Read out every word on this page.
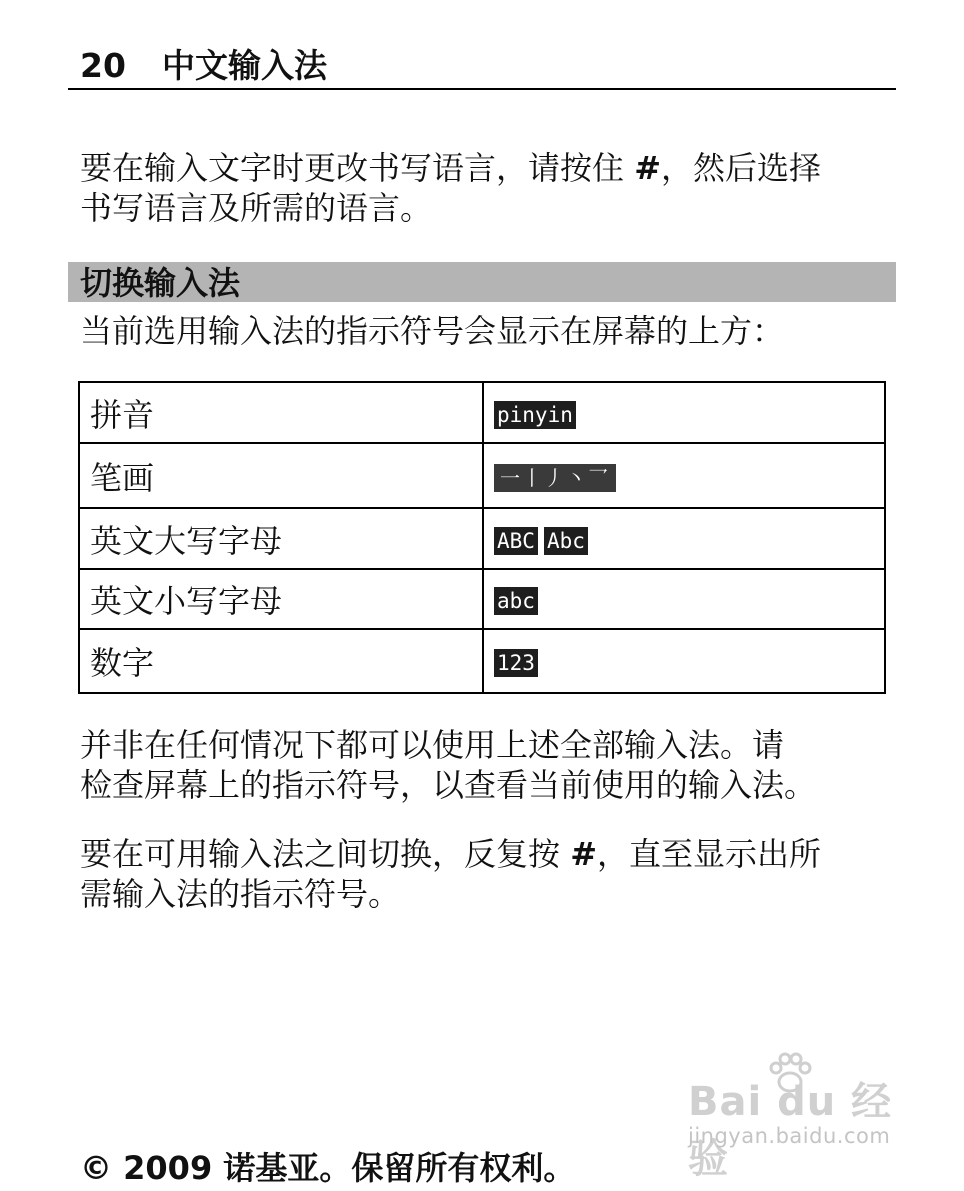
20 中文输入法
要在输入文字时更改书写语言，请按住 #，然后选择
书写语言及所需的语言。
切换输入法
当前选用输入法的指示符号会显示在屏幕的上方：
拼音	pinyin
笔画	一丨丿丶乛
英文大写字母	ABC Abc
英文小写字母	abc
数字	123
并非在任何情况下都可以使用上述全部输入法。请
检查屏幕上的指示符号，以查看当前使用的输入法。
要在可用输入法之间切换，反复按 #，直至显示出所
需输入法的指示符号。
Bai du 经验
jingyan.baidu.com
© 2009 诺基亚。保留所有权利。
